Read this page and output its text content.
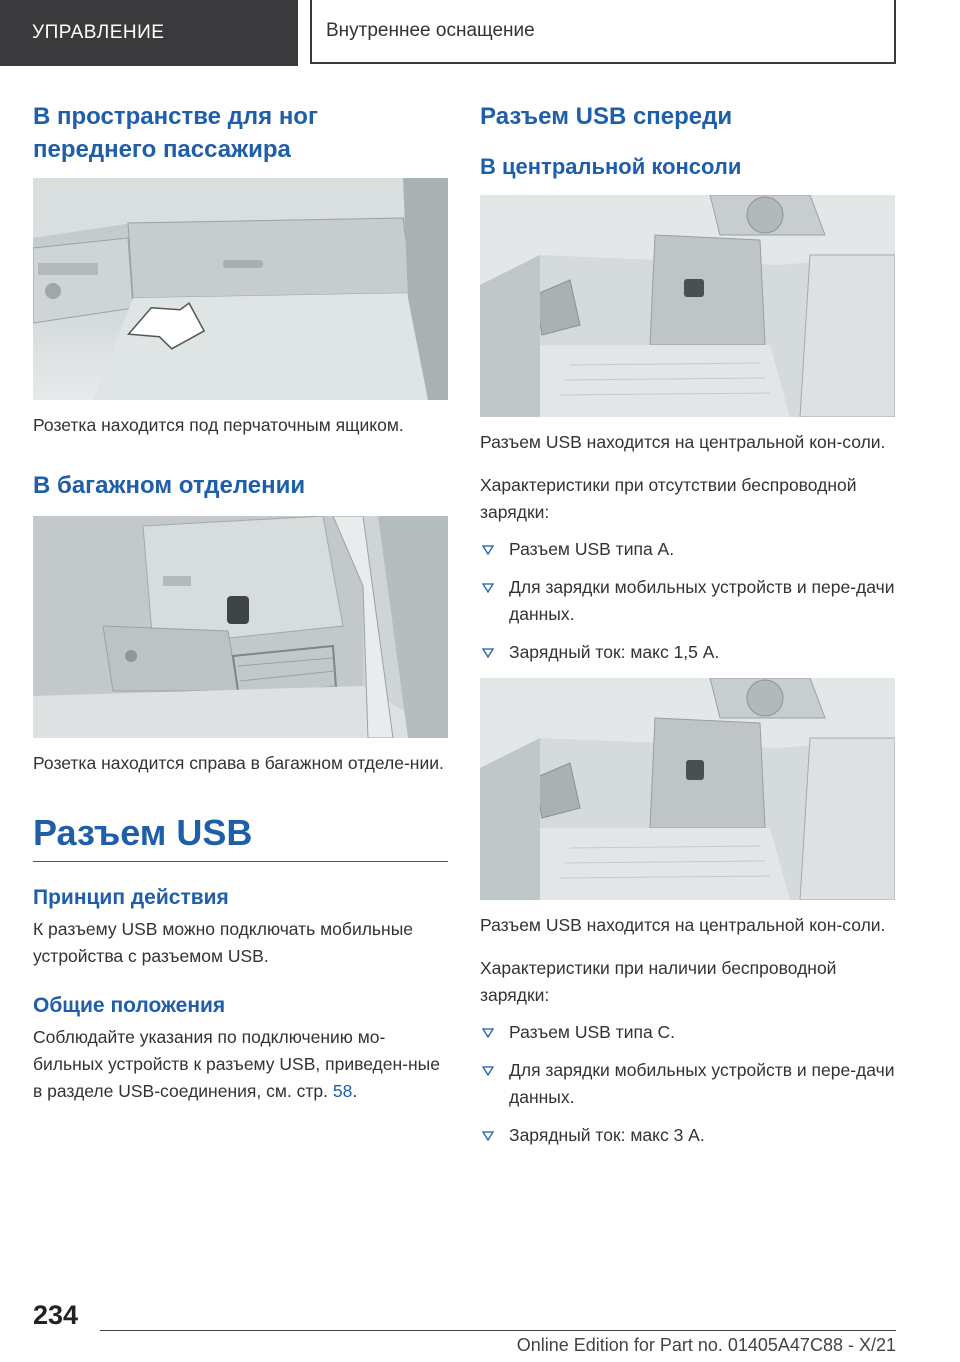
УПРАВЛЕНИЕ	Внутреннее оснащение
В пространстве для ног переднего пассажира

Розетка находится под перчаточным ящиком.

В багажном отделении

Розетка находится справа в багажном отделе-нии.

Разъем USB
Принцип действия

К разъему USB можно подключать мобильные устройства с разъемом USB.

Общие положения

Соблюдайте указания по подключению мо-бильных устройств к разъему USB, приведен-ные в разделе USB-соединения, см. стр. 58.

Разъем USB спереди
В центральной консоли

Разъем USB находится на центральной кон-соли.

Характеристики при отсутствии беспроводной зарядки:

Разъем USB типа A.
Для зарядки мобильных устройств и пере-дачи данных.
Зарядный ток: макс 1,5 A.

Разъем USB находится на центральной кон-соли.

Характеристики при наличии беспроводной зарядки:

Разъем USB типа C.
Для зарядки мобильных устройств и пере-дачи данных.
Зарядный ток: макс 3 A.
234
Online Edition for Part no. 01405A47C88 - X/21
